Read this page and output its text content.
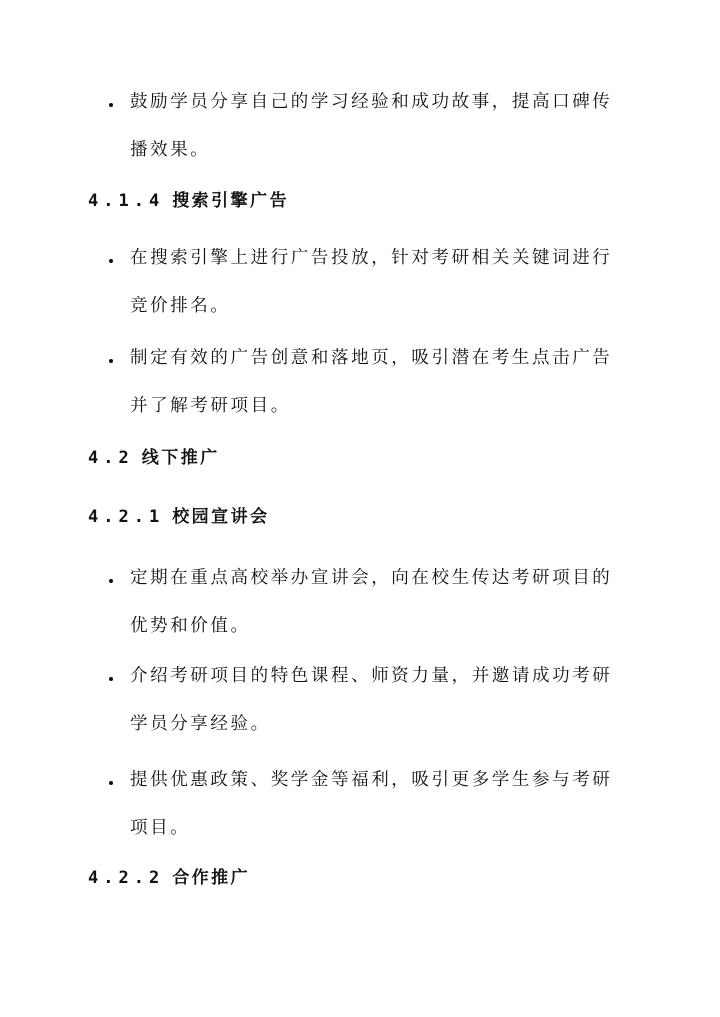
鼓励学员分享自己的学习经验和成功故事，提高口碑传播效果。
4.1.4 搜索引擎广告
在搜索引擎上进行广告投放，针对考研相关关键词进行竞价排名。
制定有效的广告创意和落地页，吸引潜在考生点击广告并了解考研项目。
4.2 线下推广
4.2.1 校园宣讲会
定期在重点高校举办宣讲会，向在校生传达考研项目的优势和价值。
介绍考研项目的特色课程、师资力量，并邀请成功考研学员分享经验。
提供优惠政策、奖学金等福利，吸引更多学生参与考研项目。
4.2.2 合作推广
